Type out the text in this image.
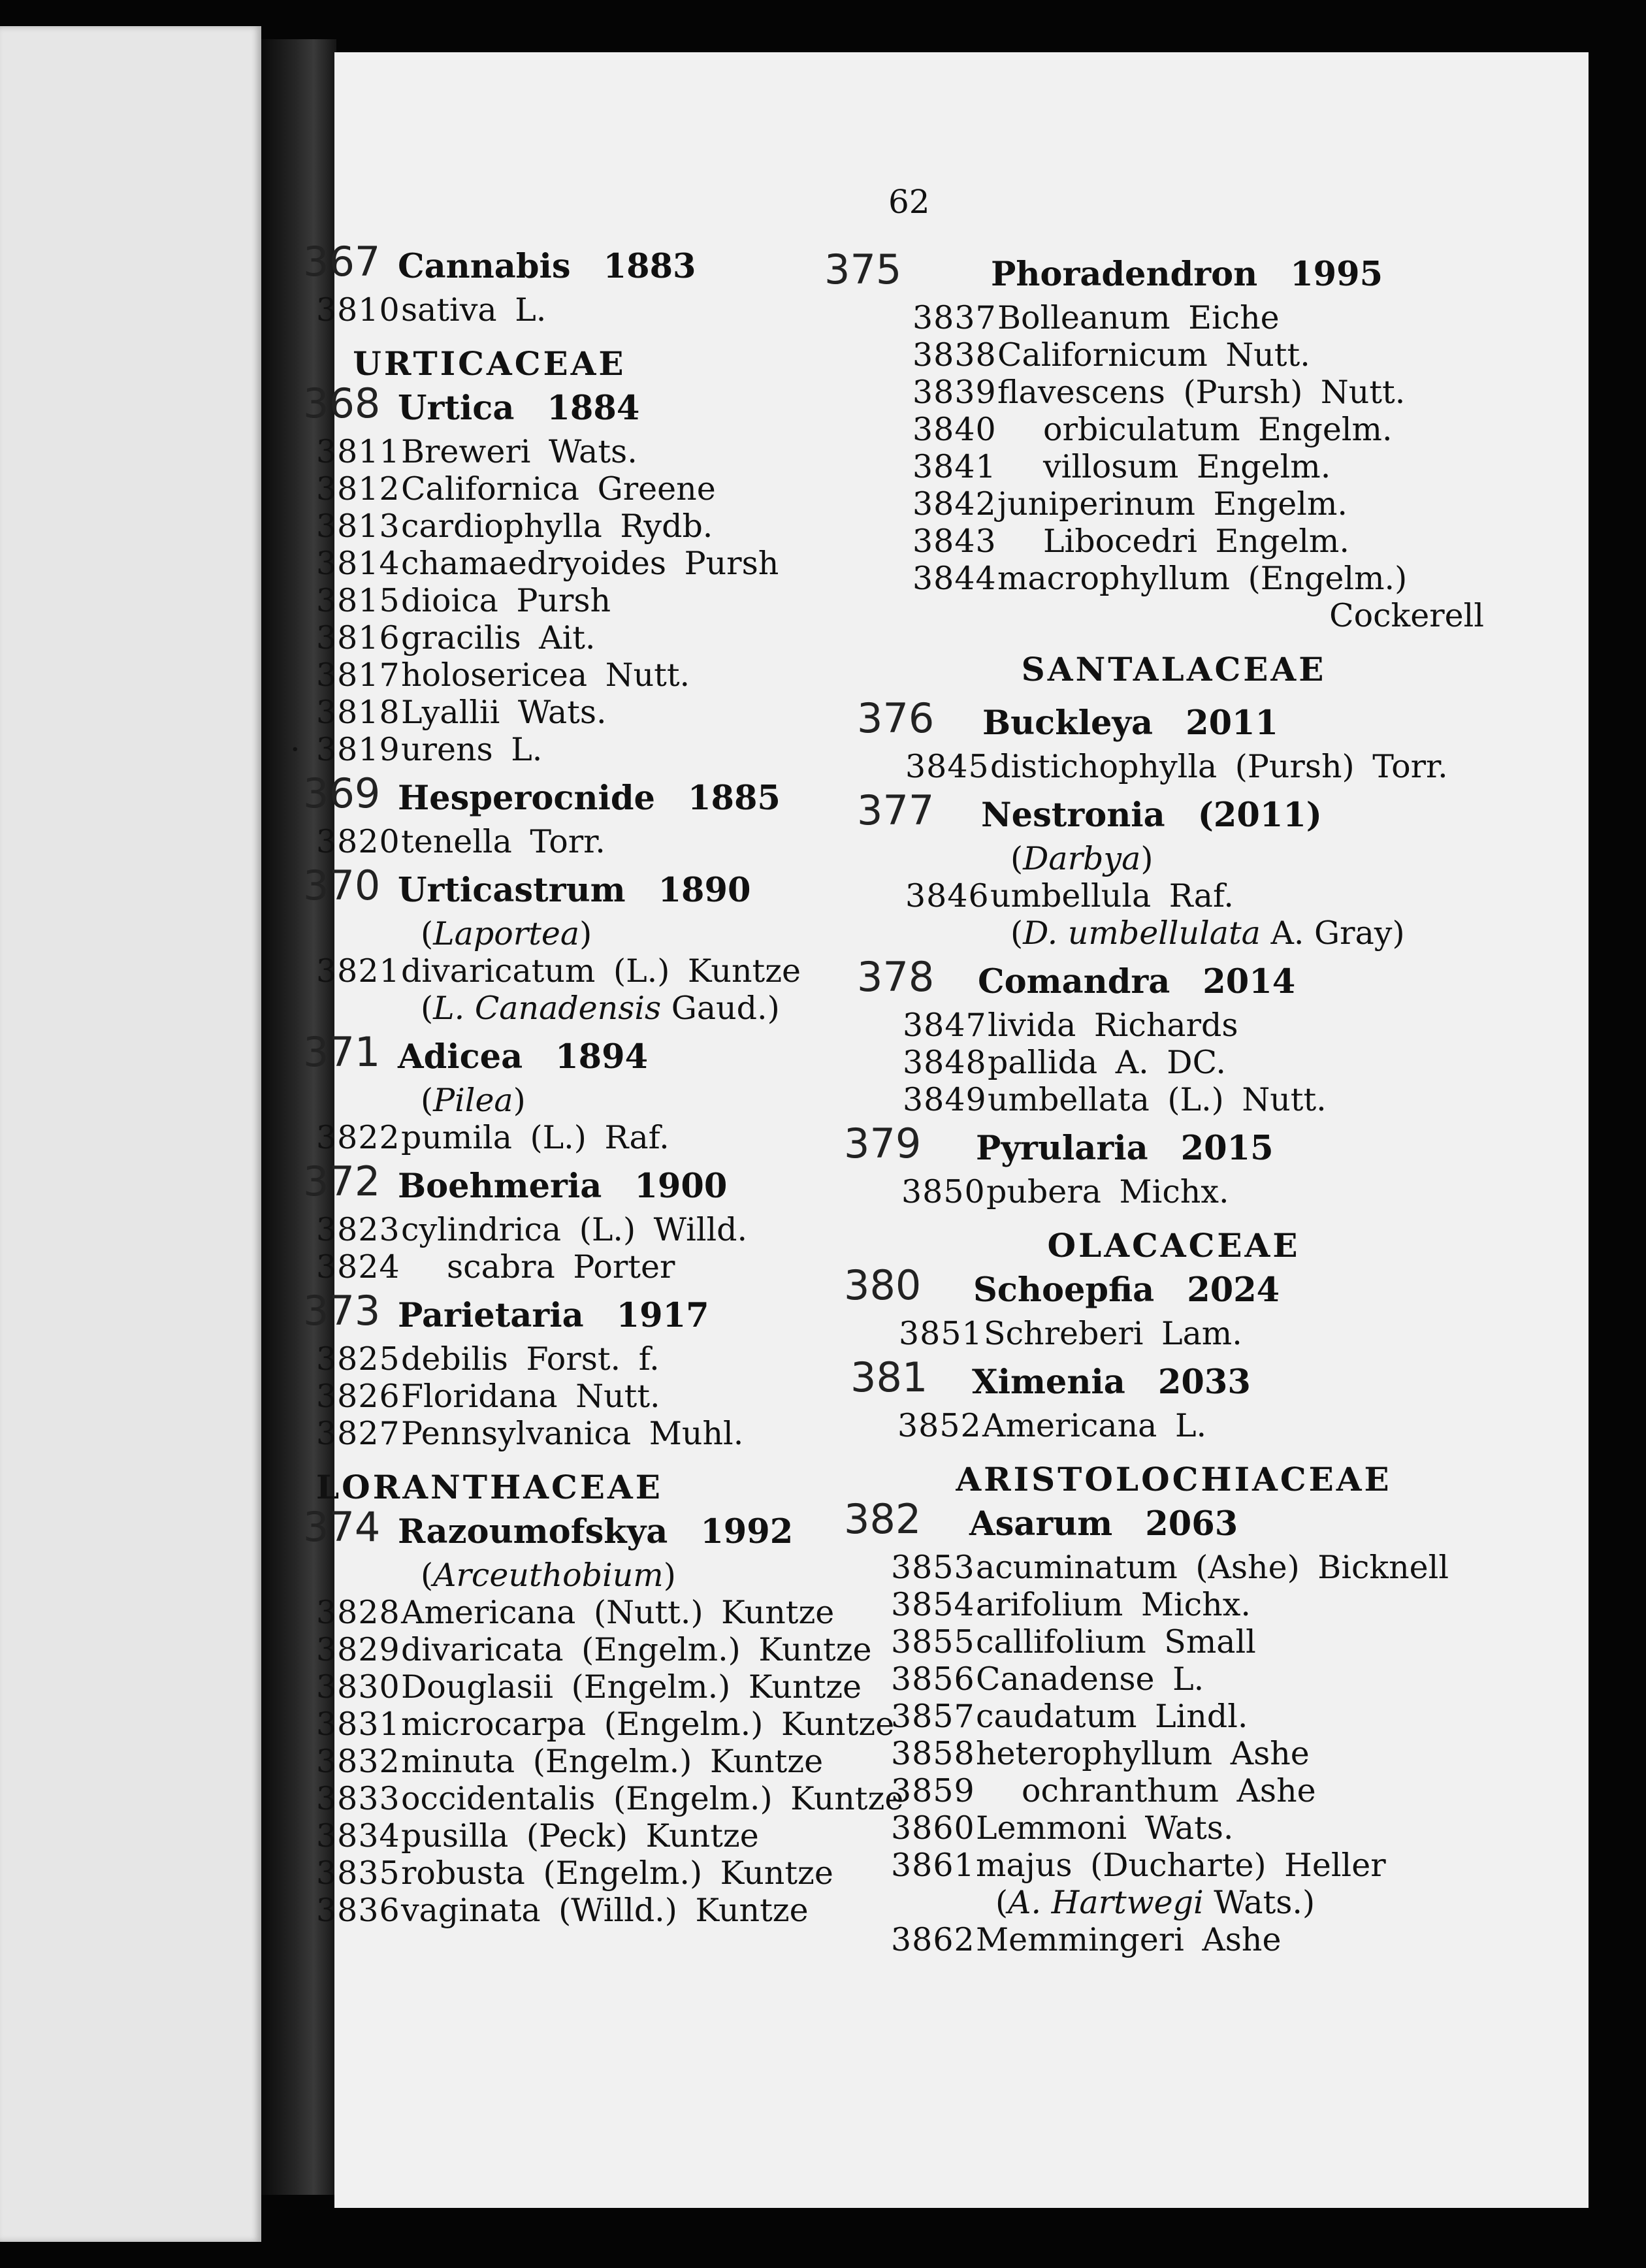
62
367 Cannabis 1883
3810 sativa L.
URTICACEAE
368 Urtica 1884
3811 Breweri Wats.
3812 Californica Greene
3813 cardiophylla Rydb.
3814 chamaedryoides Pursh
3815 dioica Pursh
3816 gracilis Ait.
3817 holosericea Nutt.
3818 Lyallii Wats.
· 3819 urens L.
369 Hesperocnide 1885
3820 tenella Torr.
370 Urticastrum 1890
(Laportea)
3821 divaricatum (L.) Kuntze
(L. Canadensis Gaud.)
371 Adicea 1894
(Pilea)
3822 pumila (L.) Raf.
372 Boehmeria 1900
3823 cylindrica (L.) Willd.
3824 scabra Porter
373 Parietaria 1917
3825 debilis Forst. f.
3826 Floridana Nutt.
3827 Pennsylvanica Muhl.
LORANTHACEAE
374 Razoumofskya 1992
(Arceuthobium)
3828 Americana (Nutt.) Kuntze
3829 divaricata (Engelm.) Kuntze
3830 Douglasii (Engelm.) Kuntze
3831 microcarpa (Engelm.) Kuntze
3832 minuta (Engelm.) Kuntze
3833 occidentalis (Engelm.) Kuntze
3834 pusilla (Peck) Kuntze
3835 robusta (Engelm.) Kuntze
3836 vaginata (Willd.) Kuntze
375	Phoradendron 1995
3837 Bolleanum Eiche
3838 Californicum Nutt.
3839 flavescens (Pursh) Nutt.
3840 orbiculatum Engelm.
3841 villosum Engelm.
3842 juniperinum Engelm.
3843 Libocedri Engelm.
3844 macrophyllum (Engelm.)
Cockerell
SANTALACEAE
376 Buckleya 2011
3845 distichophylla (Pursh) Torr.
377 Nestronia (2011)
(Darbya)
3846 umbellula Raf.
(D. umbellulata A. Gray)
378 Comandra 2014
3847 livida Richards
3848 pallida A. DC.
3849 umbellata (L.) Nutt.
379 Pyrularia 2015
3850 pubera Michx.
OLACACEAE
380 Schoepfia 2024
3851 Schreberi Lam.
381 Ximenia 2033
3852 Americana L.
ARISTOLOCHIACEAE
382 Asarum 2063
3853 acuminatum (Ashe) Bicknell
3854 arifolium Michx.
3855 callifolium Small
3856 Canadense L.
3857 caudatum Lindl.
3858 heterophyllum Ashe
3859 ochranthum Ashe
3860 Lemmoni Wats.
3861 majus (Ducharte) Heller
(A. Hartwegi Wats.)
3862 Memmingeri Ashe
